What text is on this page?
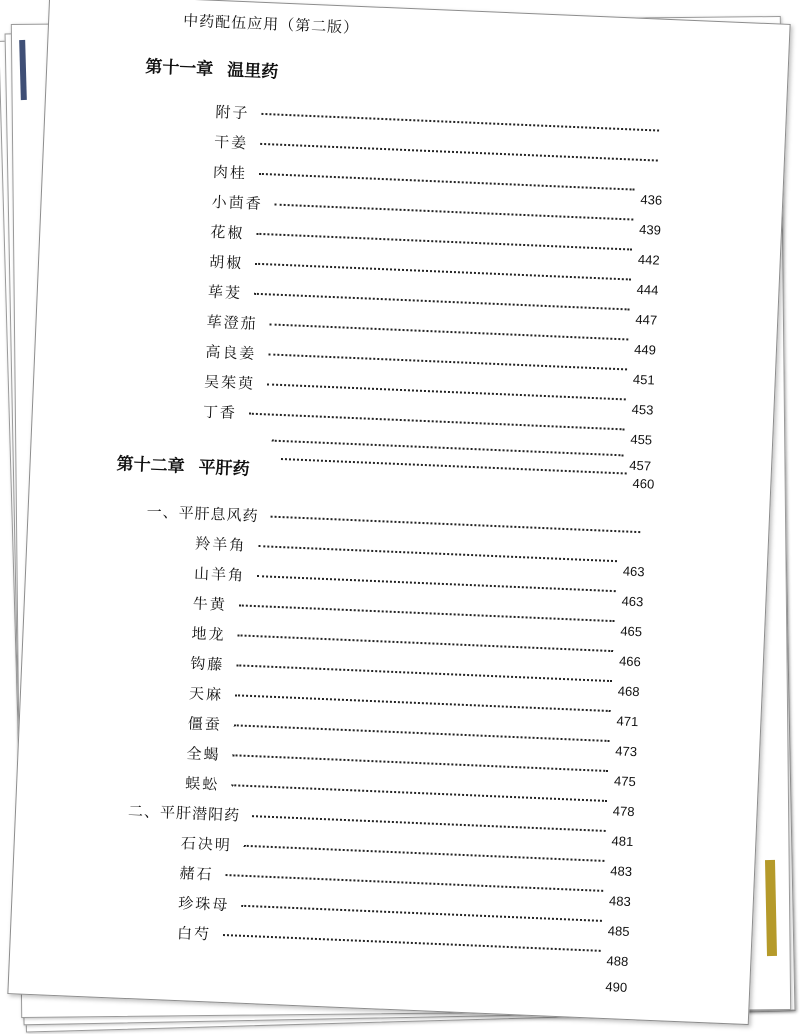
中药配伍应用（第二版）
第十一章 温里药
附子
干姜
肉桂
436
小茴香
439
花椒
442
胡椒
444
荜茇
447
荜澄茄
449
高良姜
451
吴茱萸
453
丁香
455
457
第十二章 平肝药
460
一、平肝息风药
羚羊角
463
山羊角
463
牛黄
465
地龙
466
钩藤
468
天麻
471
僵蚕
473
全蝎
475
蜈蚣
478
二、平肝潜阳药
481
石决明
483
赭石
483
珍珠母
485
白芍
488
490
